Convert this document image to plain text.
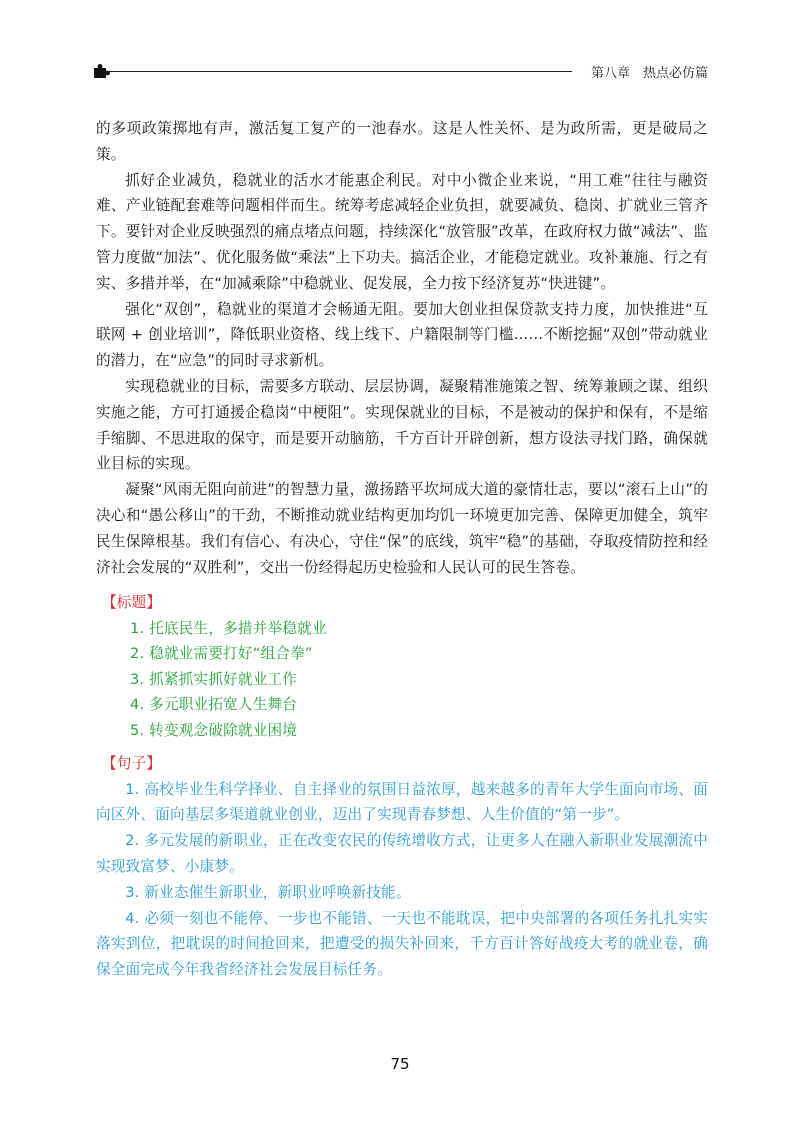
第八章　热点必仿篇

的多项政策掷地有声，激活复工复产的一池春水。这是人性关怀、是为政所需，更是破局之策。

抓好企业减负，稳就业的活水才能惠企利民。对中小微企业来说，“用工难”往往与融资难、产业链配套难等问题相伴而生。统筹考虑减轻企业负担，就要减负、稳岗、扩就业三管齐下。要针对企业反映强烈的痛点堵点问题，持续深化“放管服”改革，在政府权力做“减法”、监管力度做“加法”、优化服务做“乘法”上下功夫。搞活企业，才能稳定就业。攻补兼施、行之有实、多措并举，在“加减乘除”中稳就业、促发展，全力按下经济复苏“快进键”。

强化“双创”，稳就业的渠道才会畅通无阻。要加大创业担保贷款支持力度，加快推进“互联网 + 创业培训”，降低职业资格、线上线下、户籍限制等门槛……不断挖掘“双创”带动就业的潜力，在“应急”的同时寻求新机。

实现稳就业的目标，需要多方联动、层层协调，凝聚精准施策之智、统筹兼顾之谋、组织实施之能，方可打通援企稳岗“中梗阻”。实现保就业的目标，不是被动的保护和保有，不是缩手缩脚、不思进取的保守，而是要开动脑筋，千方百计开辟创新，想方设法寻找门路，确保就业目标的实现。

凝聚“风雨无阻向前进”的智慧力量，激扬踏平坎坷成大道的豪情壮志，要以“滚石上山”的决心和“愚公移山”的干劲，不断推动就业结构更加均饥一环境更加完善、保障更加健全，筑牢民生保障根基。我们有信心、有决心，守住“保”的底线，筑牢“稳”的基础，夺取疫情防控和经济社会发展的“双胜利”，交出一份经得起历史检验和人民认可的民生答卷。

【标题】
1. 托底民生，多措并举稳就业
2. 稳就业需要打好“组合拳”
3. 抓紧抓实抓好就业工作
4. 多元职业拓宽人生舞台
5. 转变观念破除就业困境
【句子】
1. 高校毕业生科学择业、自主择业的氛围日益浓厚，越来越多的青年大学生面向市场、面向区外、面向基层多渠道就业创业，迈出了实现青春梦想、人生价值的“第一步”。
2. 多元发展的新职业，正在改变农民的传统增收方式，让更多人在融入新职业发展潮流中实现致富梦、小康梦。
3. 新业态催生新职业，新职业呼唤新技能。
4. 必须一刻也不能停、一步也不能错、一天也不能耽误，把中央部署的各项任务扎扎实实落实到位，把耽误的时间抢回来，把遭受的损失补回来，千方百计答好战疫大考的就业卷，确保全面完成今年我省经济社会发展目标任务。
75
